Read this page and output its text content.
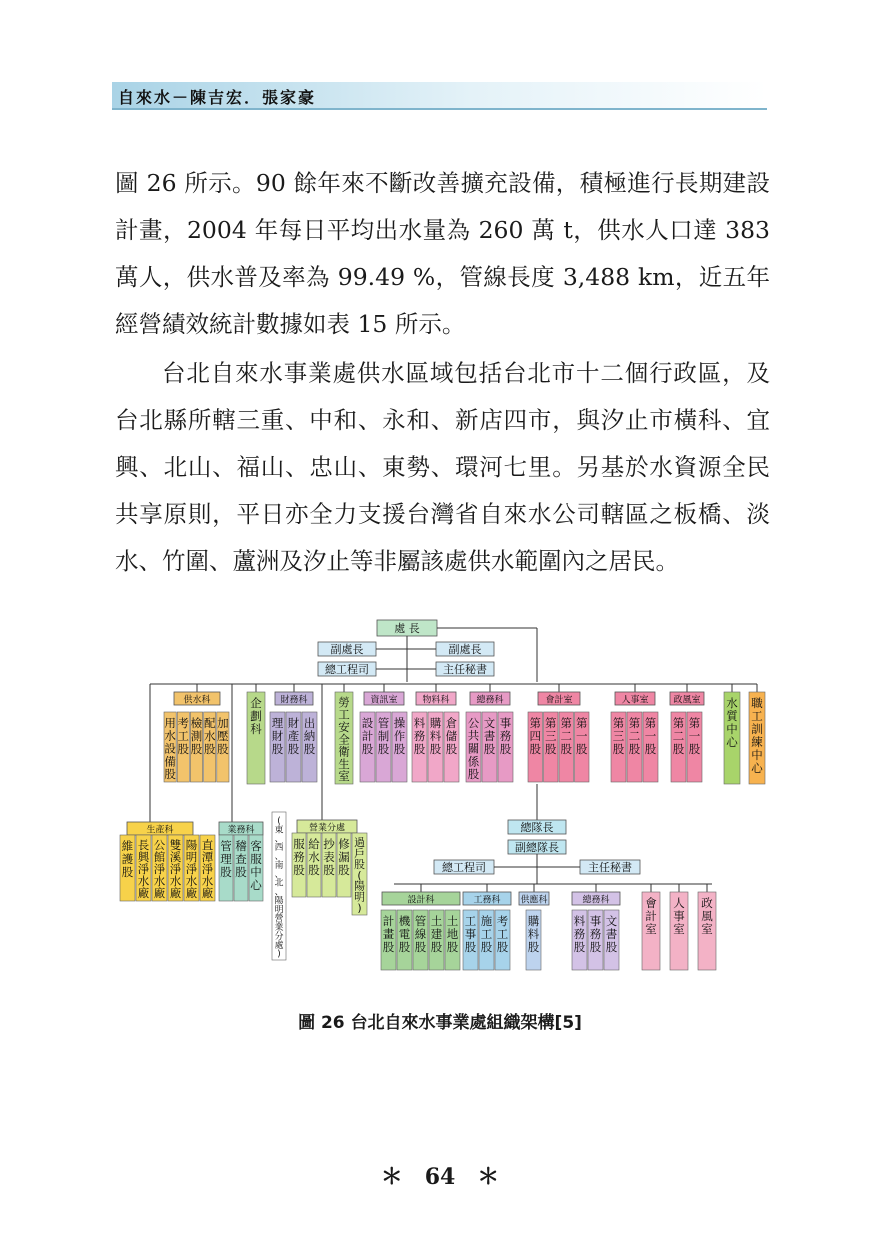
自來水－陳吉宏．張家豪

圖 26 所示。90 餘年來不斷改善擴充設備，積極進行長期建設計畫，2004 年每日平均出水量為 260 萬 t，供水人口達 383 萬人，供水普及率為 99.49 %，管線長度 3,488 km，近五年經營績效統計數據如表 15 所示。

台北自來水事業處供水區域包括台北市十二個行政區，及台北縣所轄三重、中和、永和、新店四市，與汐止市橫科、宜興、北山、福山、忠山、東勢、環河七里。另基於水資源全民共享原則，平日亦全力支援台灣省自來水公司轄區之板橋、淡水、竹圍、蘆洲及汐止等非屬該處供水範圍內之居民。

處 長
副處長	副處長
總工程司	主任秘書
供水科
用水設備股
考工股
檢測股
配水股
加壓股
企劃科
財務科
理財股
財產股
出納股
勞工安全衛生室
資訊室
設計股
管制股
操作股
物料科
料務股
購料股
倉儲股
總務科
公共關係股
文書股
事務股
會計室
第四股
第三股
第二股
第一股
人事室
第三股
第二股
第一股
政風室
第二股
第一股
水質中心
職工訓練中心
生產科
維護股
長興淨水廠
公館淨水廠
雙溪淨水廠
陽明淨水廠
直潭淨水廠
業務科
管理股
稽查股
客服中心
(東、西、南、北、陽明營業分處)
營業分處
服務股
給水股
抄表股
修漏股
過戶股(陽明)
總隊長
副總隊長
總工程司	主任秘書
設計科
計畫股
機電股
管線股
土建股
土地股
工務科
工事股
施工股
考工股
供應科
購料股
總務科
料務股
事務股
文書股
會計室
人事室
政風室
圖 26 台北自來水事業處組織架構[5]
＊　64　＊
